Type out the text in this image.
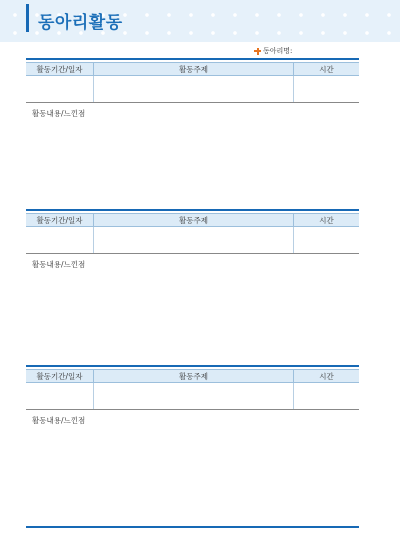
동아리활동
동아리명:
활동기간/일자	활동주제	시간

활동내용/느낀점
활동기간/일자	활동주제	시간

활동내용/느낀점
활동기간/일자	활동주제	시간

활동내용/느낀점
